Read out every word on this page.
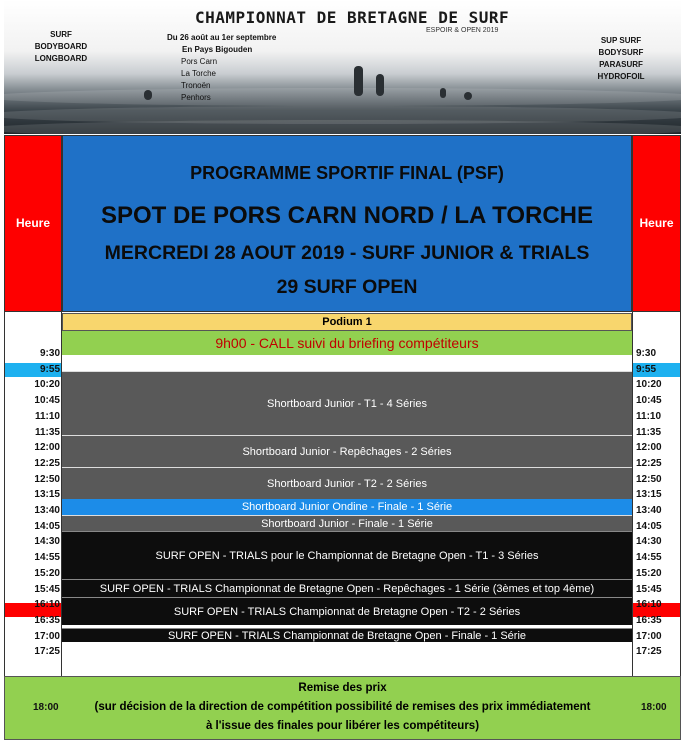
CHAMPIONNAT DE BRETAGNE DE SURF
ESPOIR & OPEN 2019
Du 26 août au 1er septembre
En Pays Bigouden
Pors Carn
La Torche
Tronoën
Penhors
SURF
BODYBOARD
LONGBOARD
SUP SURF
BODYSURF
PARASURF
HYDROFOIL
Heure	Heure
PROGRAMME SPORTIF FINAL (PSF)
SPOT DE PORS CARN NORD / LA TORCHE
MERCREDI 28 AOUT 2019 - SURF JUNIOR & TRIALS
29 SURF OPEN
Podium 1
9h00 - CALL suivi du briefing compétiteurs
9:30
9:55
10:20
10:45
11:10
11:35
12:00
12:25
12:50
13:15
13:40
14:05
14:30
14:55
15:20
15:45
16:10
16:35
17:00
17:25
9:30
9:55
10:20
10:45
11:10
11:35
12:00
12:25
12:50
13:15
13:40
14:05
14:30
14:55
15:20
15:45
16:10
16:35
17:00
17:25
Shortboard Junior - T1 - 4 Séries
Shortboard Junior - Repêchages - 2 Séries
Shortboard Junior - T2 - 2 Séries
Shortboard Junior Ondine - Finale - 1 Série
Shortboard Junior - Finale - 1 Série
SURF OPEN - TRIALS pour le Championnat de Bretagne Open - T1 - 3 Séries
SURF OPEN - TRIALS Championnat de Bretagne Open - Repêchages - 1 Série (3èmes et top 4ème)
SURF OPEN - TRIALS Championnat de Bretagne Open - T2 - 2 Séries
SURF OPEN - TRIALS Championnat de Bretagne Open - Finale - 1 Série
Remise des prix
(sur décision de la direction de compétition possibilité de remises des prix immédiatement
à l'issue des finales pour libérer les compétiteurs)
18:00	18:00
